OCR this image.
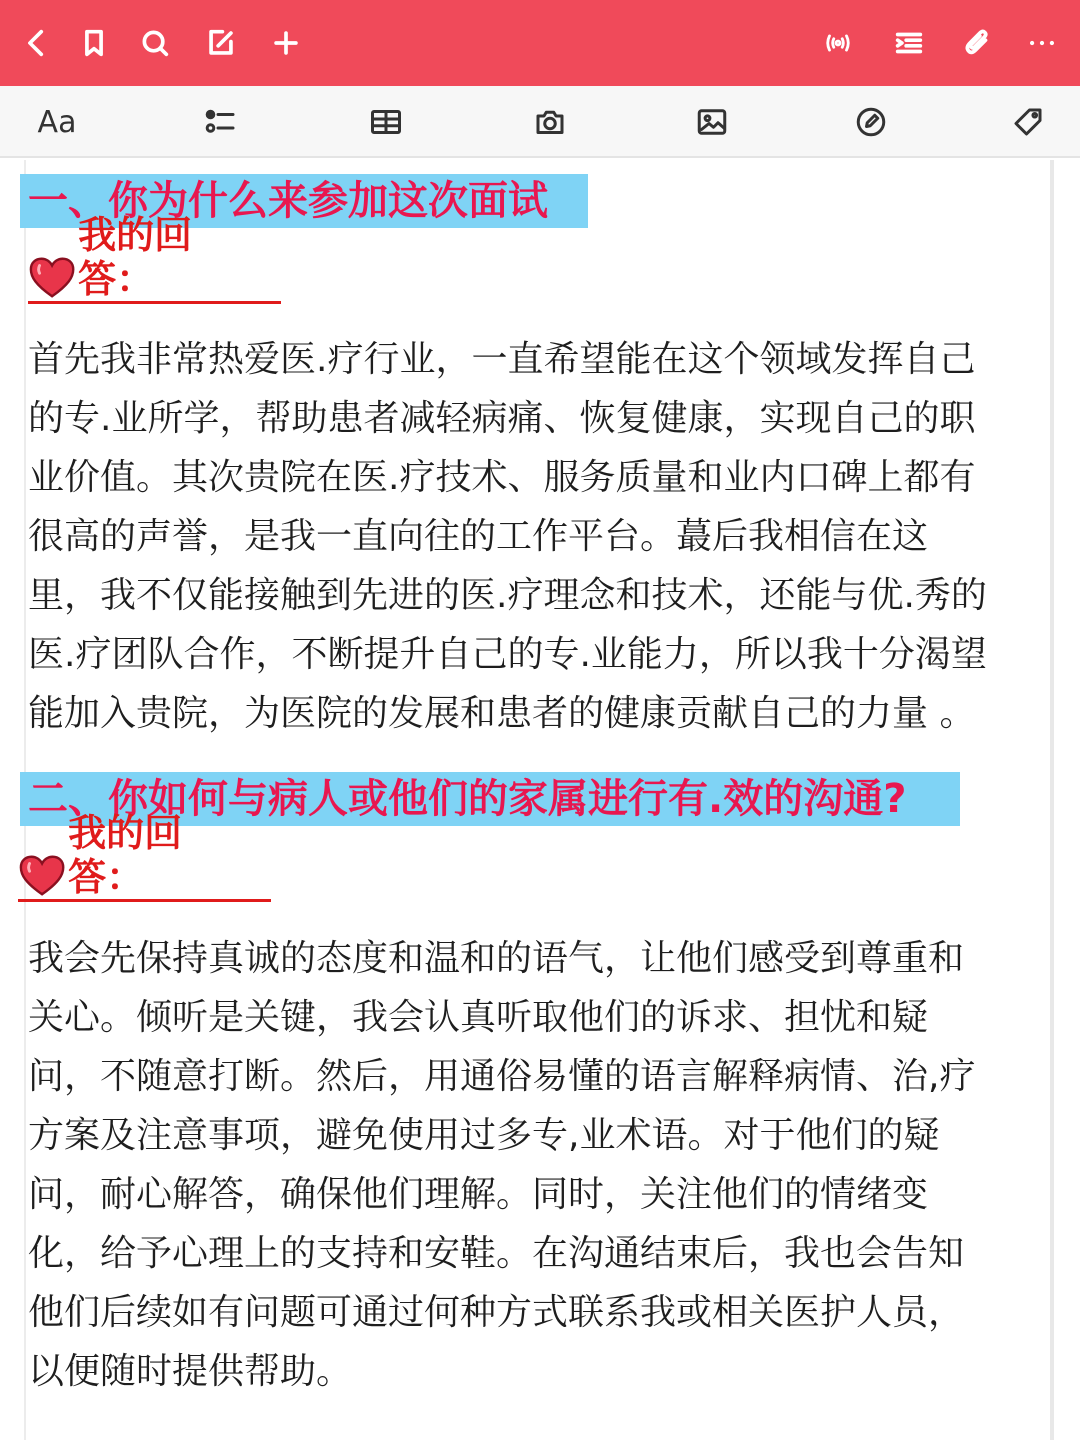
Aa
一、你为什么来参加这次面试
我的回答：
首先我非常热爱医.疗行业，一直希望能在这个领域发挥自己
的专.业所学，帮助患者减轻病痛、恢复健康，实现自己的职
业价值。其次贵院在医.疗技术、服务质量和业内口碑上都有
很高的声誉，是我一直向往的工作平台。蕞后我相信在这
里，我不仅能接触到先进的医.疗理念和技术，还能与优.秀的
医.疗团队合作，不断提升自己的专.业能力，所以我十分渴望
能加入贵院，为医院的发展和患者的健康贡献自己的力量 。
二、你如何与病人或他们的家属进行有.效的沟通?
我的回答：
我会先保持真诚的态度和温和的语气，让他们感受到尊重和
关心。倾听是关键，我会认真听取他们的诉求、担忧和疑
问，不随意打断。然后，用通俗易懂的语言解释病情、治,疗
方案及注意事项，避免使用过多专,业术语。对于他们的疑
问，耐心解答，确保他们理解。同时，关注他们的情绪变
化，给予心理上的支持和安鞋。在沟通结束后，我也会告知
他们后续如有问题可通过何种方式联系我或相关医护人员，
以便随时提供帮助。
